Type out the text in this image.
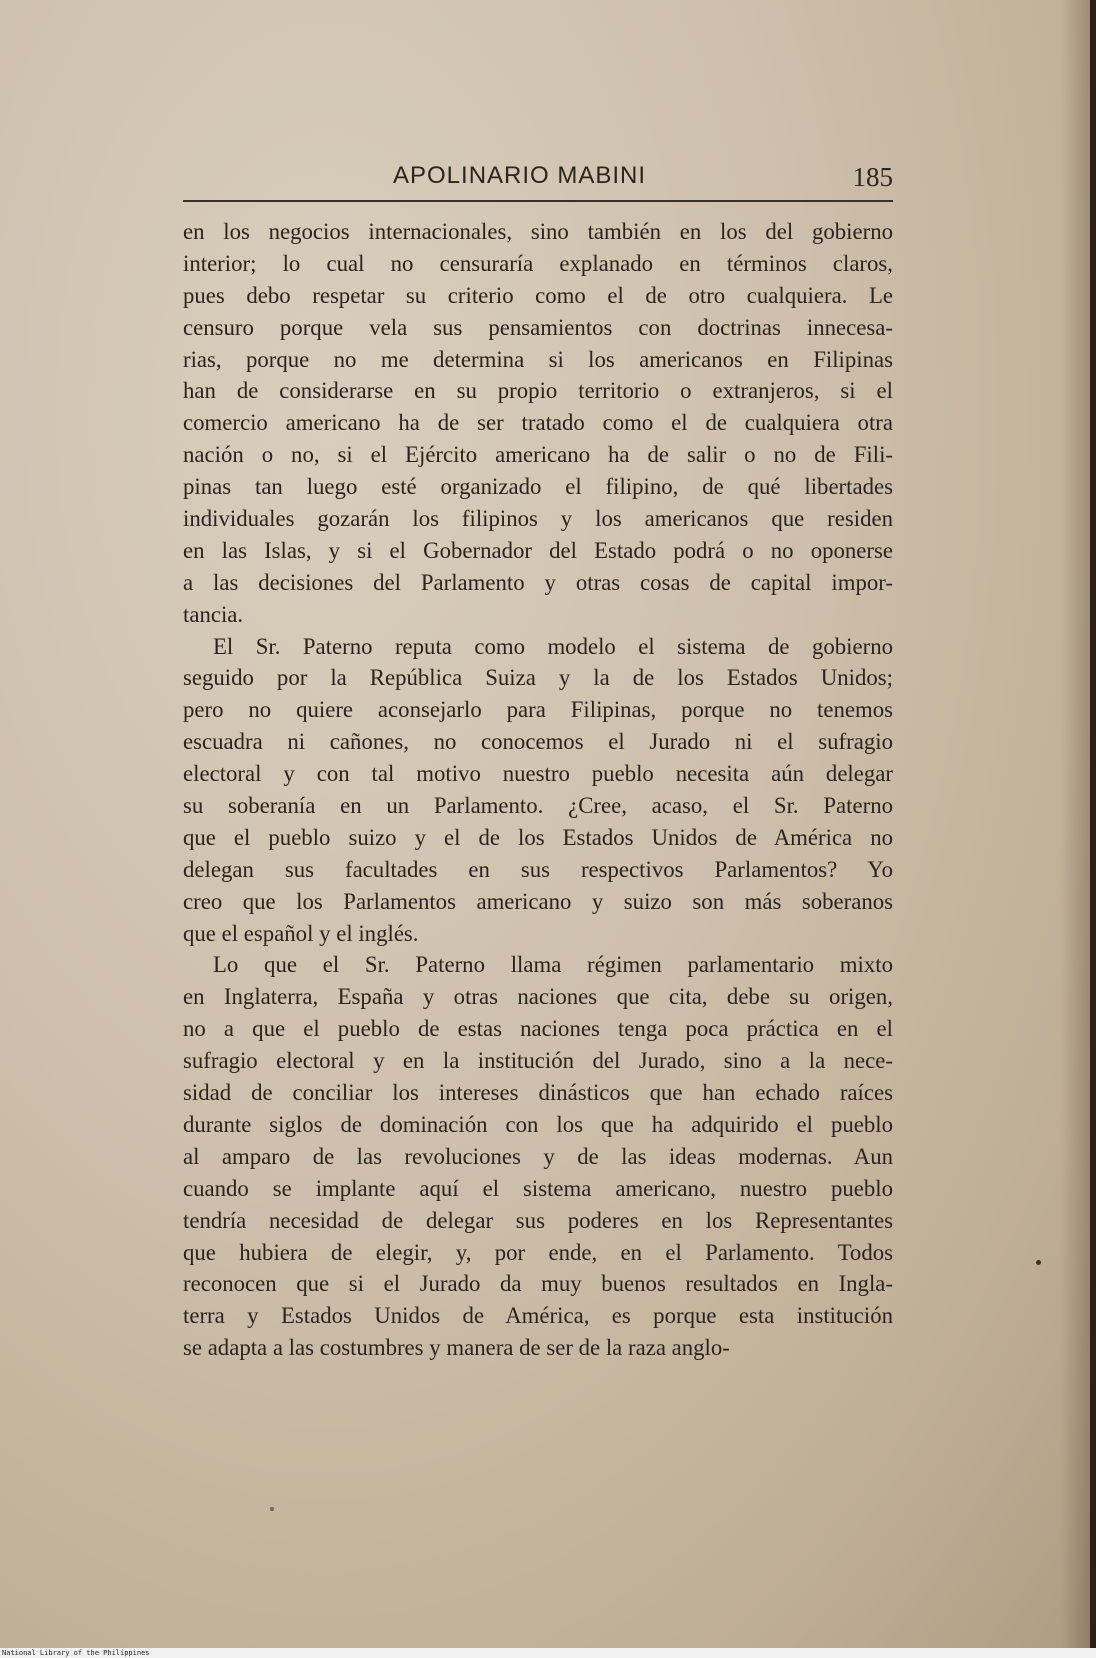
APOLINARIO MABINI	185
en los negocios internacionales, sino también en los del gobierno
interior; lo cual no censuraría explanado en términos claros,
pues debo respetar su criterio como el de otro cualquiera. Le
censuro porque vela sus pensamientos con doctrinas innecesa-
rias, porque no me determina si los americanos en Filipinas
han de considerarse en su propio territorio o extranjeros, si el
comercio americano ha de ser tratado como el de cualquiera otra
nación o no, si el Ejército americano ha de salir o no de Fili-
pinas tan luego esté organizado el filipino, de qué libertades
individuales gozarán los filipinos y los americanos que residen
en las Islas, y si el Gobernador del Estado podrá o no oponerse
a las decisiones del Parlamento y otras cosas de capital impor-
tancia.
El Sr. Paterno reputa como modelo el sistema de gobierno
seguido por la República Suiza y la de los Estados Unidos;
pero no quiere aconsejarlo para Filipinas, porque no tenemos
escuadra ni cañones, no conocemos el Jurado ni el sufragio
electoral y con tal motivo nuestro pueblo necesita aún delegar
su soberanía en un Parlamento. ¿Cree, acaso, el Sr. Paterno
que el pueblo suizo y el de los Estados Unidos de América no
delegan sus facultades en sus respectivos Parlamentos? Yo
creo que los Parlamentos americano y suizo son más soberanos
que el español y el inglés.
Lo que el Sr. Paterno llama régimen parlamentario mixto
en Inglaterra, España y otras naciones que cita, debe su origen,
no a que el pueblo de estas naciones tenga poca práctica en el
sufragio electoral y en la institución del Jurado, sino a la nece-
sidad de conciliar los intereses dinásticos que han echado raíces
durante siglos de dominación con los que ha adquirido el pueblo
al amparo de las revoluciones y de las ideas modernas. Aun
cuando se implante aquí el sistema americano, nuestro pueblo
tendría necesidad de delegar sus poderes en los Representantes
que hubiera de elegir, y, por ende, en el Parlamento. Todos
reconocen que si el Jurado da muy buenos resultados en Ingla-
terra y Estados Unidos de América, es porque esta institución
se adapta a las costumbres y manera de ser de la raza anglo-
National Library of the Philippines
